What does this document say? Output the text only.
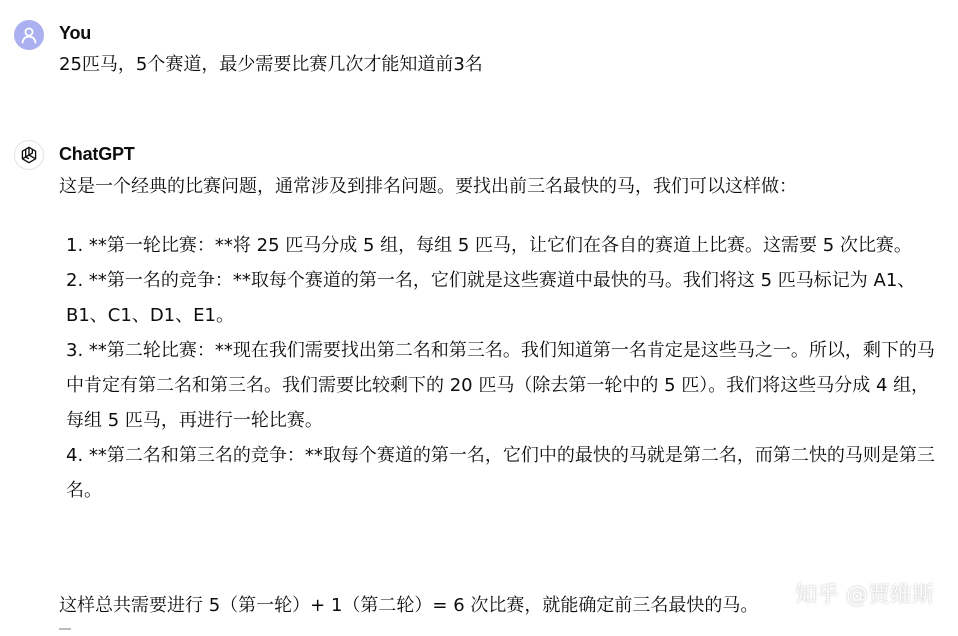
You
25匹马，5个赛道，最少需要比赛几次才能知道前3名
ChatGPT
这是一个经典的比赛问题，通常涉及到排名问题。要找出前三名最快的马，我们可以这样做：
1. **第一轮比赛：**将 25 匹马分成 5 组，每组 5 匹马，让它们在各自的赛道上比赛。这需要 5 次比赛。
2. **第一名的竞争：**取每个赛道的第一名，它们就是这些赛道中最快的马。我们将这 5 匹马标记为 A1、B1、C1、D1、E1。
3. **第二轮比赛：**现在我们需要找出第二名和第三名。我们知道第一名肯定是这些马之一。所以，剩下的马中肯定有第二名和第三名。我们需要比较剩下的 20 匹马（除去第一轮中的 5 匹）。我们将这些马分成 4 组，每组 5 匹马，再进行一轮比赛。
4. **第二名和第三名的竞争：**取每个赛道的第一名，它们中的最快的马就是第二名，而第二快的马则是第三名。
这样总共需要进行 5（第一轮）+ 1（第二轮）= 6 次比赛，就能确定前三名最快的马。 知乎 @贾维斯
